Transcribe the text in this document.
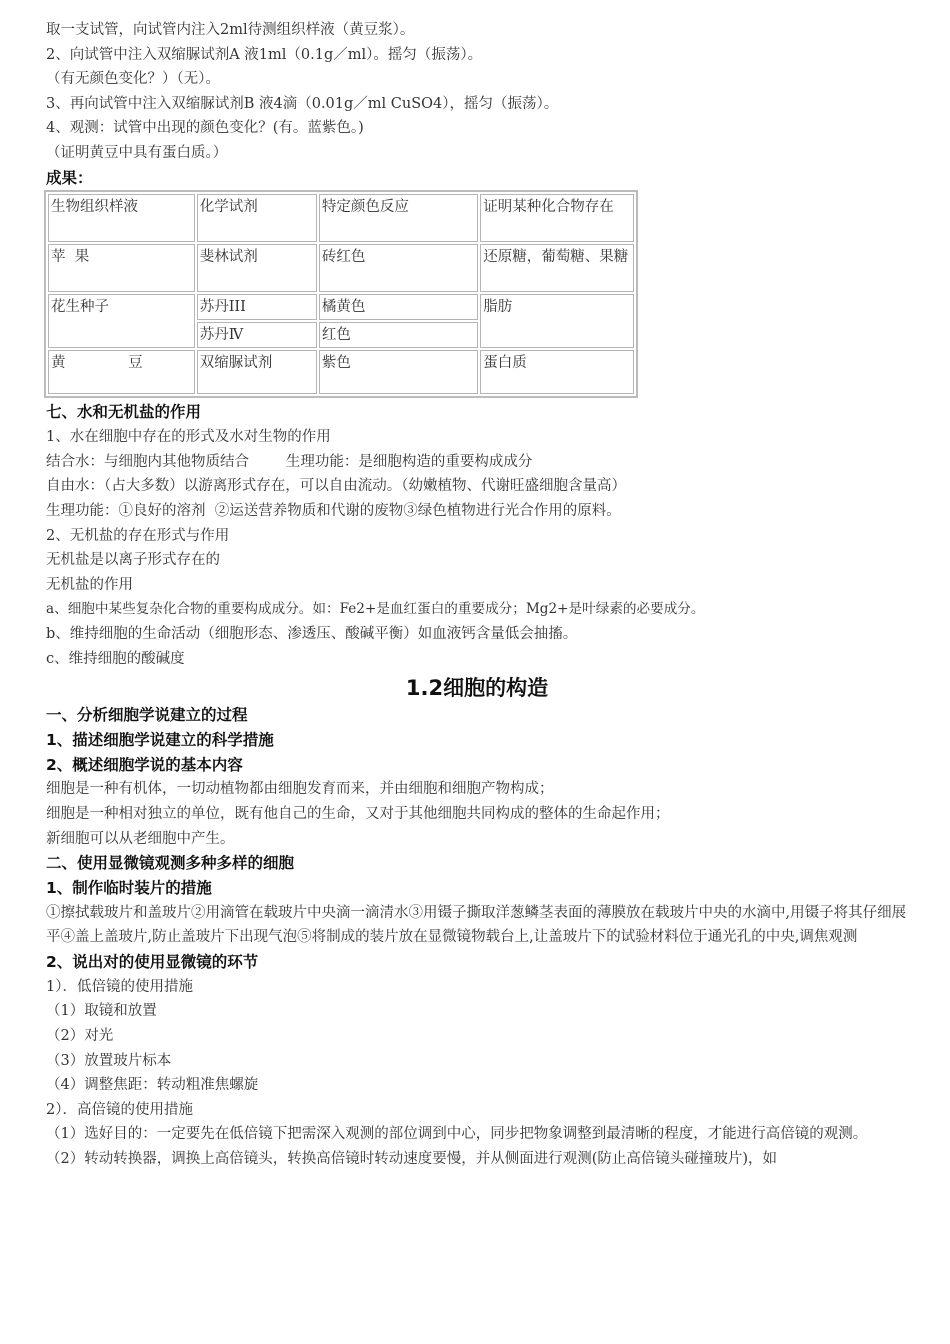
取一支试管，向试管内注入2ml待测组织样液（黄豆浆）。
2、向试管中注入双缩脲试剂A 液1ml（0.1g／ml）。摇匀（振荡）。
（有无颜色变化？）（无）。
3、再向试管中注入双缩脲试剂B 液4滴（0.01g／ml CuSO4），摇匀（振荡）。
4、观测：试管中出现的颜色变化？(有。蓝紫色。)
（证明黄豆中具有蛋白质。）
成果：
生物组织样液	化学试剂	特定颜色反应	证明某种化合物存在
苹  果	斐林试剂	砖红色	还原糖，葡萄糖、果糖
花生种子	苏丹III	橘黄色	脂肪
	苏丹Ⅳ	红色	
黄 豆	双缩脲试剂	紫色	蛋白质
七、水和无机盐的作用
1、水在细胞中存在的形式及水对生物的作用
结合水：与细胞内其他物质结合        生理功能：是细胞构造的重要构成成分
自由水：（占大多数）以游离形式存在，可以自由流动。（幼嫩植物、代谢旺盛细胞含量高）
生理功能：①良好的溶剂  ②运送营养物质和代谢的废物③绿色植物进行光合作用的原料。
2、无机盐的存在形式与作用
无机盐是以离子形式存在的
无机盐的作用
a、细胞中某些复杂化合物的重要构成成分。如：Fe2+是血红蛋白的重要成分；Mg2+是叶绿素的必要成分。
b、维持细胞的生命活动（细胞形态、渗透压、酸碱平衡）如血液钙含量低会抽搐。
c、维持细胞的酸碱度
1.2细胞的构造
一、分析细胞学说建立的过程
1、描述细胞学说建立的科学措施
2、概述细胞学说的基本内容
细胞是一种有机体，一切动植物都由细胞发育而来，并由细胞和细胞产物构成；
细胞是一种相对独立的单位，既有他自己的生命，又对于其他细胞共同构成的整体的生命起作用；
新细胞可以从老细胞中产生。
二、使用显微镜观测多种多样的细胞
1、制作临时装片的措施
①擦拭载玻片和盖玻片②用滴管在载玻片中央滴一滴清水③用镊子撕取洋葱鳞茎表面的薄膜放在载玻片中央的水滴中,用镊子将其仔细展平④盖上盖玻片,防止盖玻片下出现气泡⑤将制成的装片放在显微镜物载台上,让盖玻片下的试验材料位于通光孔的中央,调焦观测
2、说出对的使用显微镜的环节
1）．低倍镜的使用措施
（1）取镜和放置
（2）对光
（3）放置玻片标本
（4）调整焦距：转动粗准焦螺旋
2）．高倍镜的使用措施
（1）选好目的：一定要先在低倍镜下把需深入观测的部位调到中心，同步把物象调整到最清晰的程度，才能进行高倍镜的观测。
（2）转动转换器，调换上高倍镜头，转换高倍镜时转动速度要慢，并从侧面进行观测(防止高倍镜头碰撞玻片)，如
